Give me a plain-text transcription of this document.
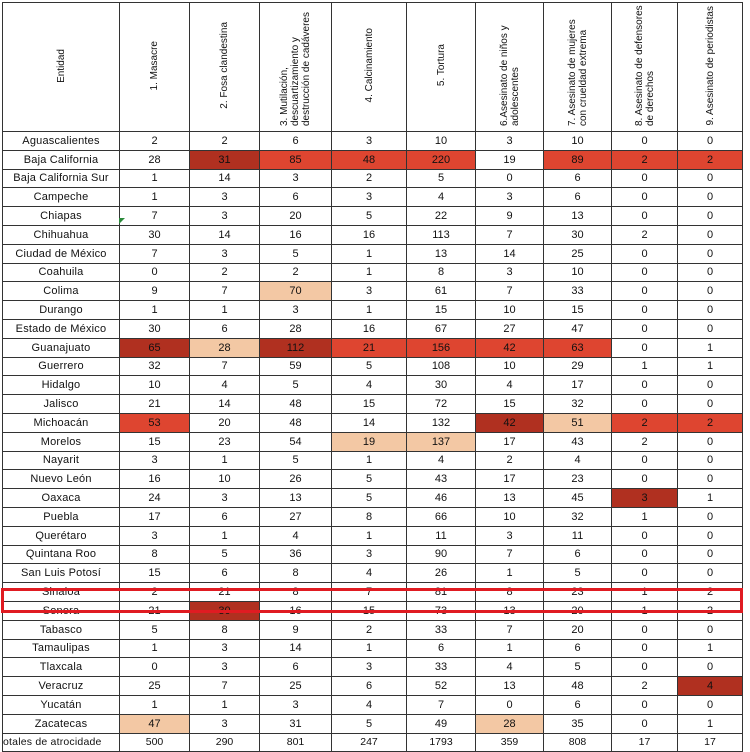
Entidad	1. Masacre	2. Fosa clandestina	3. Mutilación, descuartizamiento y destrucción de cadáveres	4. Calcinamiento	5. Tortura	6.Asesinato de niños y adolescentes	7. Asesinato de mujeres con crueldad extrema	8. Asesinato de defensores de derechos	9. Asesinato de periodistas
Aguascalientes	2	2	6	3	10	3	10	0	0
Baja California	28	31	85	48	220	19	89	2	2
Baja California Sur	1	14	3	2	5	0	6	0	0
Campeche	1	3	6	3	4	3	6	0	0
Chiapas	7	3	20	5	22	9	13	0	0
Chihuahua	30	14	16	16	113	7	30	2	0
Ciudad de México	7	3	5	1	13	14	25	0	0
Coahuila	0	2	2	1	8	3	10	0	0
Colima	9	7	70	3	61	7	33	0	0
Durango	1	1	3	1	15	10	15	0	0
Estado de México	30	6	28	16	67	27	47	0	0
Guanajuato	65	28	112	21	156	42	63	0	1
Guerrero	32	7	59	5	108	10	29	1	1
Hidalgo	10	4	5	4	30	4	17	0	0
Jalisco	21	14	48	15	72	15	32	0	0
Michoacán	53	20	48	14	132	42	51	2	2
Morelos	15	23	54	19	137	17	43	2	0
Nayarit	3	1	5	1	4	2	4	0	0
Nuevo León	16	10	26	5	43	17	23	0	0
Oaxaca	24	3	13	5	46	13	45	3	1
Puebla	17	6	27	8	66	10	32	1	0
Querétaro	3	1	4	1	11	3	11	0	0
Quintana Roo	8	5	36	3	90	7	6	0	0
San Luis Potosí	15	6	8	4	26	1	5	0	0
Sinaloa	2	21	8	7	81	8	23	1	2
Sonora	21	30	16	15	73	13	20	1	2
Tabasco	5	8	9	2	33	7	20	0	0
Tamaulipas	1	3	14	1	6	1	6	0	1
Tlaxcala	0	3	6	3	33	4	5	0	0
Veracruz	25	7	25	6	52	13	48	2	4
Yucatán	1	1	3	4	7	0	6	0	0
Zacatecas	47	3	31	5	49	28	35	0	1
otales de atrocidade	500	290	801	247	1793	359	808	17	17
